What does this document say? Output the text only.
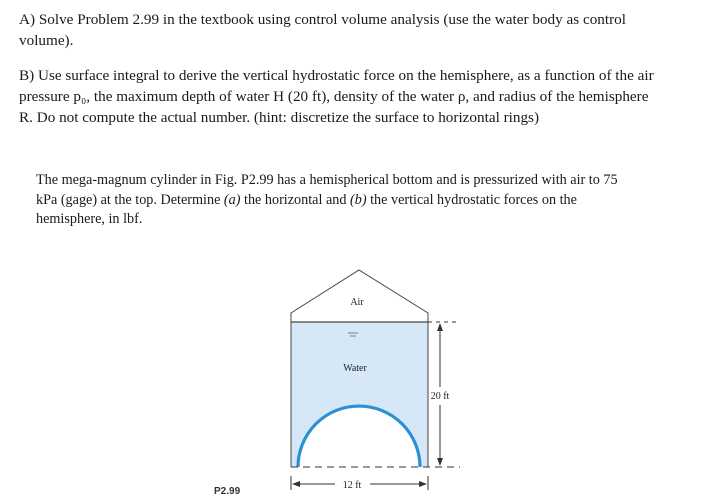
A) Solve Problem 2.99 in the textbook using control volume analysis (use the water body as control volume).

B) Use surface integral to derive the vertical hydrostatic force on the hemisphere, as a function of the air pressure p₀, the maximum depth of water H (20 ft), density of the water ρ, and radius of the hemisphere R. Do not compute the actual number. (hint: discretize the surface to horizontal rings)

The mega-magnum cylinder in Fig. P2.99 has a hemispherical bottom and is pressurized with air to 75 kPa (gage) at the top. Determine (a) the horizontal and (b) the vertical hydrostatic forces on the hemisphere, in lbf.

Air
Water
20 ft
12 ft
P2.99
